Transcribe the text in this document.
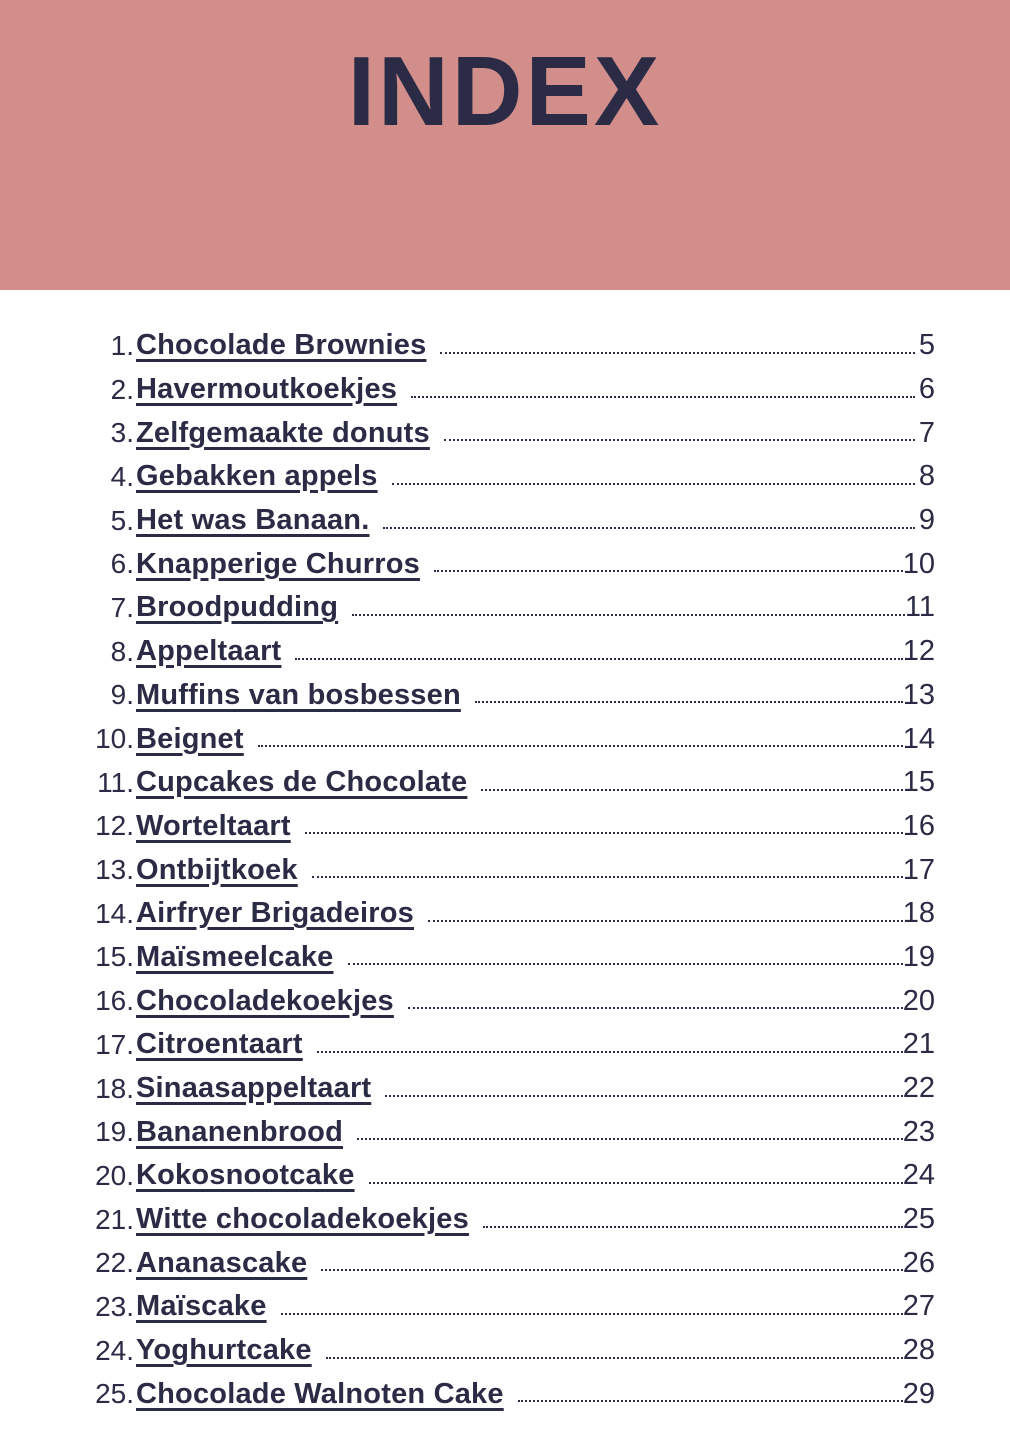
INDEX
1. Chocolade Brownies	5
2. Havermoutkoekjes	6
3. Zelfgemaakte donuts	7
4. Gebakken appels	8
5. Het was Banaan.	9
6. Knapperige Churros	10
7. Broodpudding	11
8. Appeltaart	12
9. Muffins van bosbessen	13
10. Beignet	14
11. Cupcakes de Chocolate	15
12. Worteltaart	16
13. Ontbijtkoek	17
14. Airfryer Brigadeiros	18
15. Maïsmeelcake	19
16. Chocoladekoekjes	20
17. Citroentaart	21
18. Sinaasappeltaart	22
19. Bananenbrood	23
20. Kokosnootcake	24
21. Witte chocoladekoekjes	25
22. Ananascake	26
23. Maïscake	27
24. Yoghurtcake	28
25. Chocolade Walnoten Cake	29
